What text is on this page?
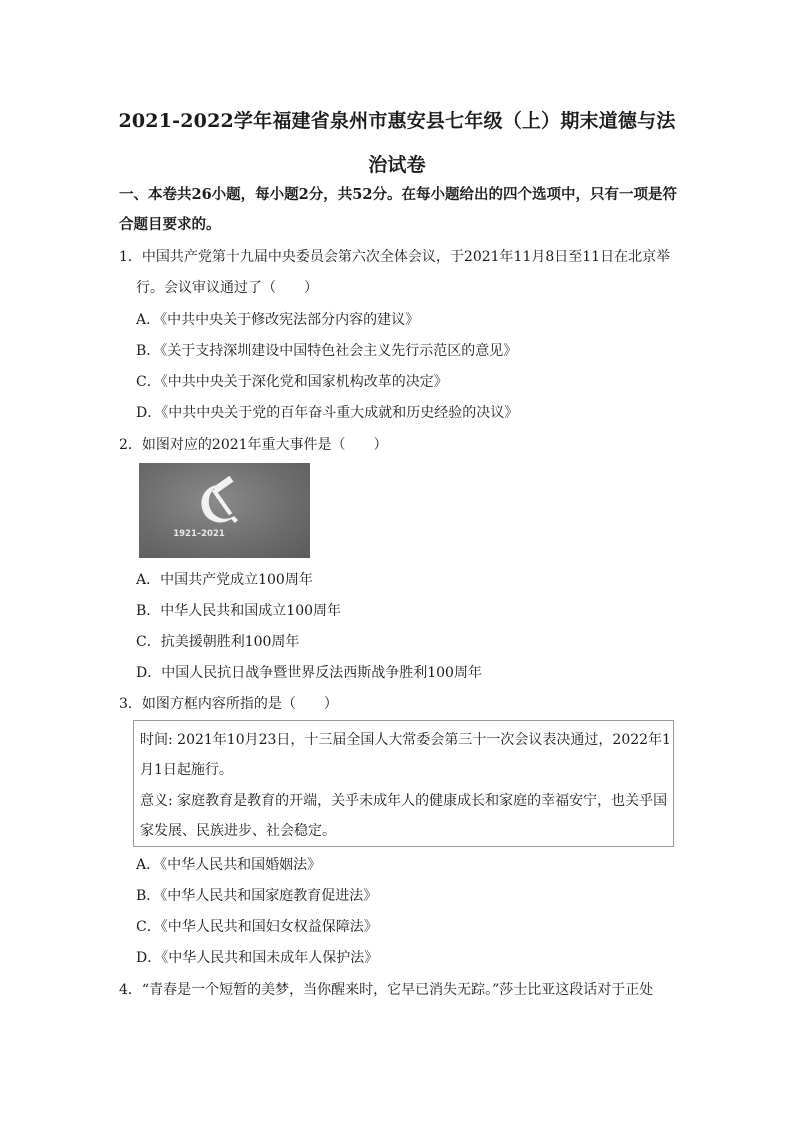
2021-2022学年福建省泉州市惠安县七年级（上）期末道德与法
治试卷
一、本卷共26小题，每小题2分，共52分。在每小题给出的四个选项中，只有一项是符
合题目要求的。
1．中国共产党第十九届中央委员会第六次全体会议，于2021年11月8日至11日在北京举
行。会议审议通过了（　　）
A．《中共中央关于修改宪法部分内容的建议》
B．《关于支持深圳建设中国特色社会主义先行示范区的意见》
C．《中共中央关于深化党和国家机构改革的决定》
D．《中共中央关于党的百年奋斗重大成就和历史经验的决议》
2．如图对应的2021年重大事件是（　　）
1921–2021
A．中国共产党成立100周年
B．中华人民共和国成立100周年
C．抗美援朝胜利100周年
D．中国人民抗日战争暨世界反法西斯战争胜利100周年
3．如图方框内容所指的是（　　）
时间: 2021年10月23日，十三届全国人大常委会第三十一次会议表决通过，2022年1
月1日起施行。
意义: 家庭教育是教育的开端，关乎未成年人的健康成长和家庭的幸福安宁，也关乎国
家发展、民族进步、社会稳定。
A．《中华人民共和国婚姻法》
B．《中华人民共和国家庭教育促进法》
C．《中华人民共和国妇女权益保障法》
D．《中华人民共和国未成年人保护法》
4．“青春是一个短暂的美梦，当你醒来时，它早已消失无踪。”莎士比亚这段话对于正处
